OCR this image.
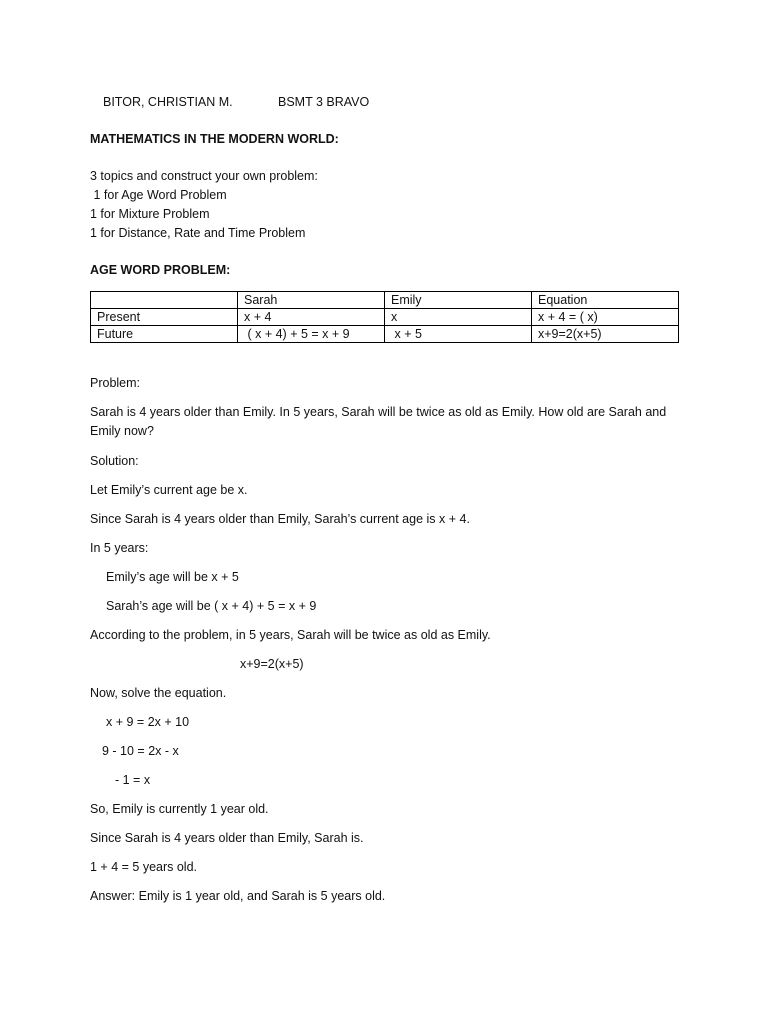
BITOR, CHRISTIAN M.	BSMT 3 BRAVO
MATHEMATICS IN THE MODERN WORLD:
3 topics and construct your own problem:
1 for Age Word Problem
1 for Mixture Problem
1 for Distance, Rate and Time Problem
AGE WORD PROBLEM:
	Sarah	Emily	Equation
Present	x + 4	x	x + 4 = ( x)
Future	( x + 4) + 5 = x + 9	x + 5	x+9=2(x+5)
Problem:
Sarah is 4 years older than Emily. In 5 years, Sarah will be twice as old as Emily. How old are Sarah and
Emily now?
Solution:
Let Emily’s current age be x.
Since Sarah is 4 years older than Emily, Sarah’s current age is x + 4.
In 5 years:
Emily’s age will be x + 5
Sarah’s age will be ( x + 4) + 5 = x + 9
According to the problem, in 5 years, Sarah will be twice as old as Emily.
x+9=2(x+5)
Now, solve the equation.
x + 9 = 2x + 10
9 - 10 = 2x - x
- 1 = x
So, Emily is currently 1 year old.
Since Sarah is 4 years older than Emily, Sarah is.
1 + 4 = 5 years old.
Answer: Emily is 1 year old, and Sarah is 5 years old.
